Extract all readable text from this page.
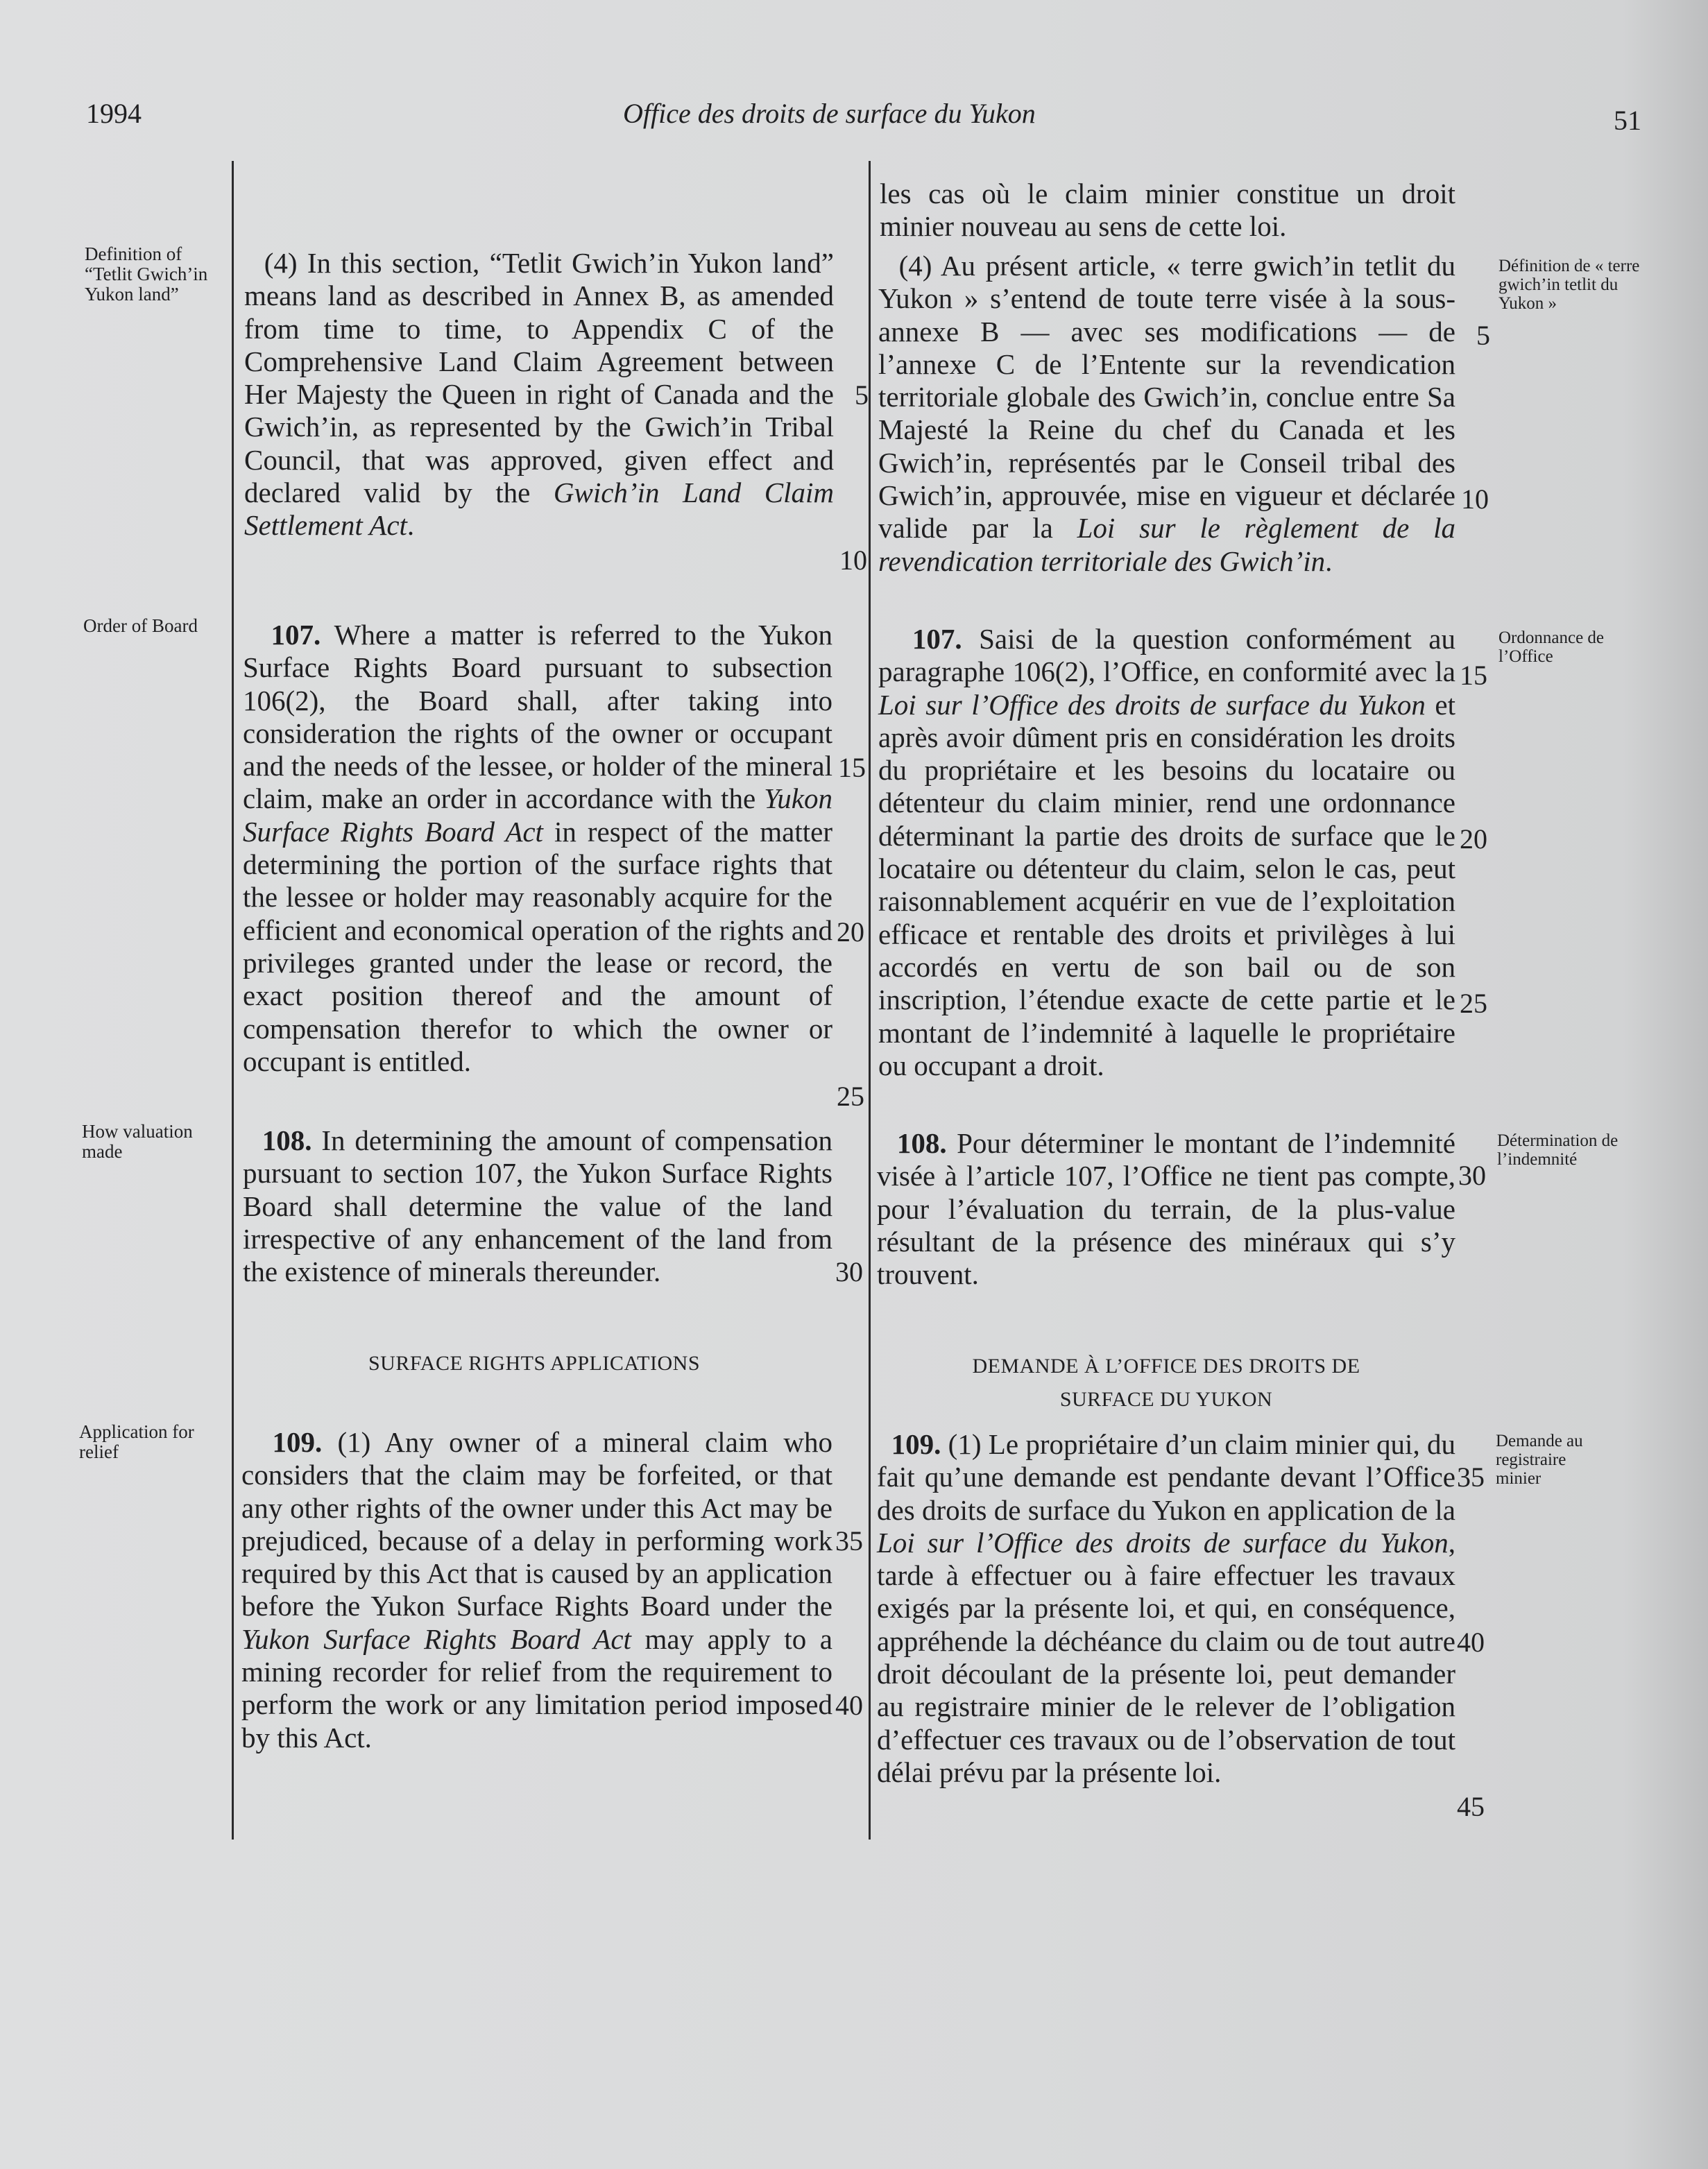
1994	Office des droits de surface du Yukon	51
Definition of “Tetlit Gwich’in Yukon land”
Order of Board
How valuation made
Application for relief
Définition de « terre gwich’in tetlit du Yukon »
Ordonnance de l’Office
Détermination de l’indemnité
Demande au registraire minier

(4) In this section, “Tetlit Gwich’in Yukon land” means land as described in Annex B, as amended from time to time, to Appendix C of the Comprehensive Land Claim Agreement between Her Majesty the Queen in right of Canada and the Gwich’in, as represented by the Gwich’in Tribal Council, that was approved, given effect and declared valid by the Gwich’in Land Claim Settlement Act.

107. Where a matter is referred to the Yukon Surface Rights Board pursuant to subsection 106(2), the Board shall, after taking into consideration the rights of the owner or occupant and the needs of the lessee, or holder of the mineral claim, make an order in accordance with the Yukon Surface Rights Board Act in respect of the matter determining the portion of the surface rights that the lessee or holder may reasonably acquire for the efficient and economical operation of the rights and privileges granted under the lease or record, the exact position thereof and the amount of compensation therefor to which the owner or occupant is entitled.

108. In determining the amount of compensation pursuant to section 107, the Yukon Surface Rights Board shall determine the value of the land irrespective of any enhancement of the land from the existence of minerals thereunder.

SURFACE RIGHTS APPLICATIONS

109. (1) Any owner of a mineral claim who considers that the claim may be forfeited, or that any other rights of the owner under this Act may be prejudiced, because of a delay in performing work required by this Act that is caused by an application before the Yukon Surface Rights Board under the Yukon Surface Rights Board Act may apply to a mining recorder for relief from the requirement to perform the work or any limitation period imposed by this Act.

5
10
15
20
25
30
35
40

les cas où le claim minier constitue un droit minier nouveau au sens de cette loi.

(4) Au présent article, « terre gwich’in tetlit du Yukon » s’entend de toute terre visée à la sous-annexe B — avec ses modifications — de l’annexe C de l’Entente sur la revendication territoriale globale des Gwich’in, conclue entre Sa Majesté la Reine du chef du Canada et les Gwich’in, représentés par le Conseil tribal des Gwich’in, approuvée, mise en vigueur et déclarée valide par la Loi sur le règlement de la revendication territoriale des Gwich’in.

107. Saisi de la question conformément au paragraphe 106(2), l’Office, en conformité avec la Loi sur l’Office des droits de surface du Yukon et après avoir dûment pris en considération les droits du propriétaire et les besoins du locataire ou détenteur du claim minier, rend une ordonnance déterminant la partie des droits de surface que le locataire ou détenteur du claim, selon le cas, peut raisonnablement acquérir en vue de l’exploitation efficace et rentable des droits et privilèges à lui accordés en vertu de son bail ou de son inscription, l’étendue exacte de cette partie et le montant de l’indemnité à laquelle le propriétaire ou occupant a droit.

108. Pour déterminer le montant de l’indemnité visée à l’article 107, l’Office ne tient pas compte, pour l’évaluation du terrain, de la plus-value résultant de la présence des minéraux qui s’y trouvent.

DEMANDE À L’OFFICE DES DROITS DE
SURFACE DU YUKON

109. (1) Le propriétaire d’un claim minier qui, du fait qu’une demande est pendante devant l’Office des droits de surface du Yukon en application de la Loi sur l’Office des droits de surface du Yukon, tarde à effectuer ou à faire effectuer les travaux exigés par la présente loi, et qui, en conséquence, appréhende la déchéance du claim ou de tout autre droit découlant de la présente loi, peut demander au registraire minier de le relever de l’obligation d’effectuer ces travaux ou de l’observation de tout délai prévu par la présente loi.

5
10
15
20
25
30
35
40
45
